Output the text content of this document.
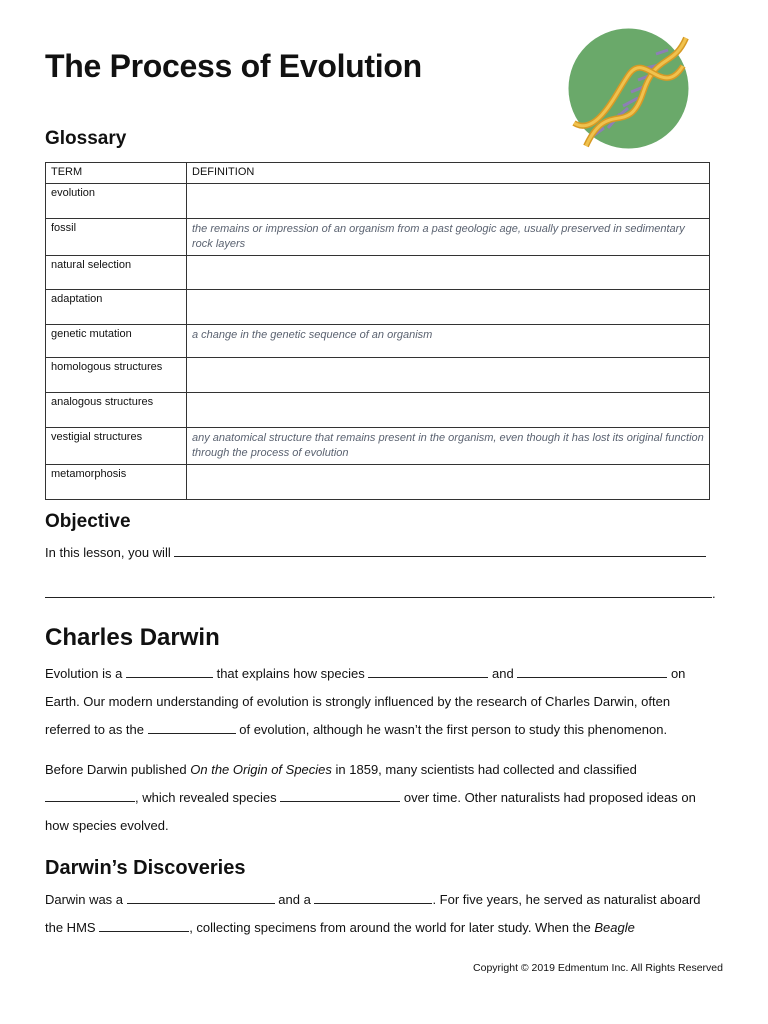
The Process of Evolution
Glossary
TERM	DEFINITION
evolution	
fossil	the remains or impression of an organism from a past geologic age, usually preserved in sedimentary rock layers
natural selection	
adaptation	
genetic mutation	a change in the genetic sequence of an organism
homologous structures	
analogous structures	
vestigial structures	any anatomical structure that remains present in the organism, even though it has lost its original function through the process of evolution
metamorphosis	
Objective
In this lesson, you will
.
Charles Darwin
Evolution is a	that explains how species	and	on
Earth. Our modern understanding of evolution is strongly influenced by the research of Charles Darwin, often
referred to as the	of evolution, although he wasn’t the first person to study this phenomenon.
Before Darwin published On the Origin of Species in 1859, many scientists had collected and classified
, which revealed species	over time. Other naturalists had proposed ideas on
how species evolved.
Darwin’s Discoveries
Darwin was a	and a	. For five years, he served as naturalist aboard
the HMS	, collecting specimens from around the world for later study. When the Beagle
Copyright © 2019 Edmentum Inc. All Rights Reserved
